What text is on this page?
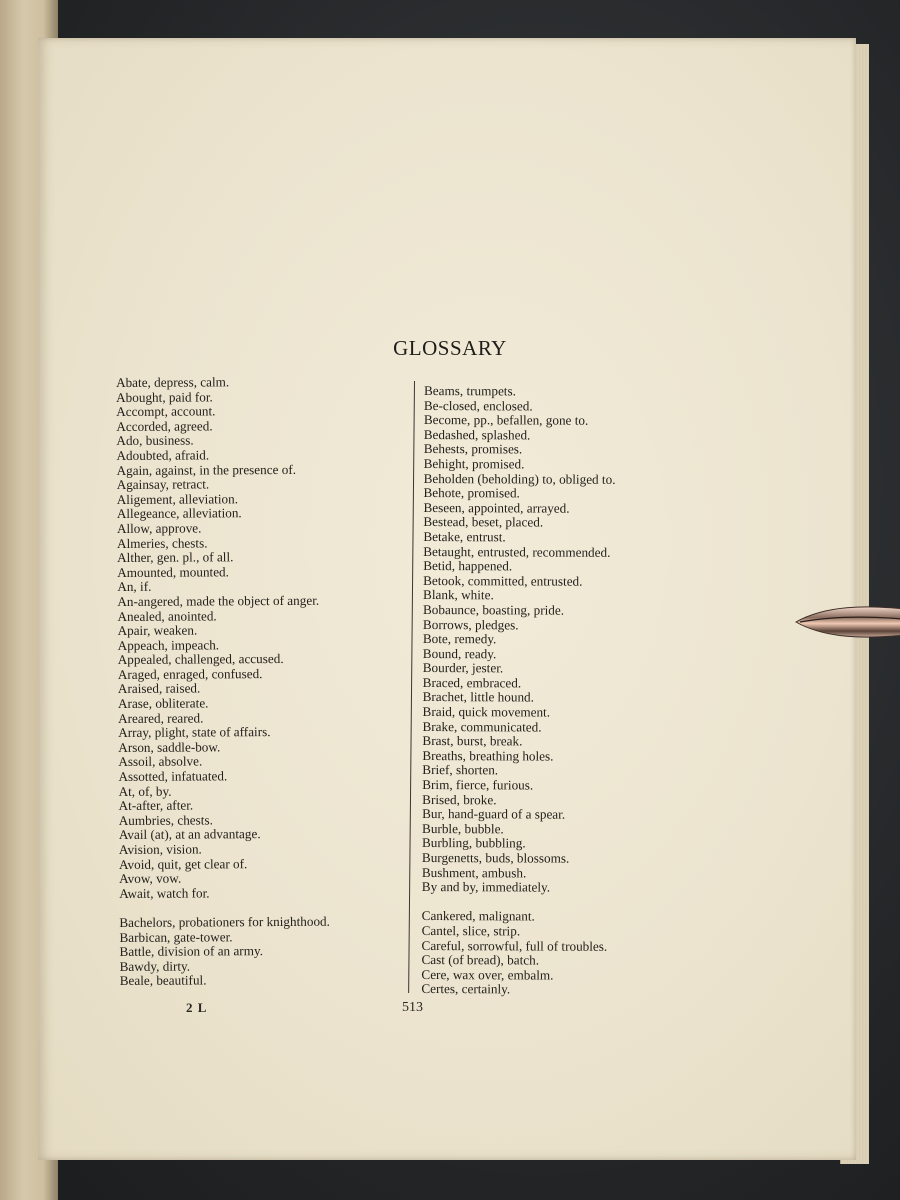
GLOSSARY
Abate, depress, calm.
Abought, paid for.
Accompt, account.
Accorded, agreed.
Ado, business.
Adoubted, afraid.
Again, against, in the presence of.
Againsay, retract.
Aligement, alleviation.
Allegeance, alleviation.
Allow, approve.
Almeries, chests.
Alther, gen. pl., of all.
Amounted, mounted.
An, if.
An-angered, made the object of anger.
Anealed, anointed.
Apair, weaken.
Appeach, impeach.
Appealed, challenged, accused.
Araged, enraged, confused.
Araised, raised.
Arase, obliterate.
Areared, reared.
Array, plight, state of affairs.
Arson, saddle-bow.
Assoil, absolve.
Assotted, infatuated.
At, of, by.
At-after, after.
Aumbries, chests.
Avail (at), at an advantage.
Avision, vision.
Avoid, quit, get clear of.
Avow, vow.
Await, watch for.
Bachelors, probationers for knighthood.
Barbican, gate-tower.
Battle, division of an army.
Bawdy, dirty.
Beale, beautiful.
Beams, trumpets.
Be-closed, enclosed.
Become, pp., befallen, gone to.
Bedashed, splashed.
Behests, promises.
Behight, promised.
Beholden (beholding) to, obliged to.
Behote, promised.
Beseen, appointed, arrayed.
Bestead, beset, placed.
Betake, entrust.
Betaught, entrusted, recommended.
Betid, happened.
Betook, committed, entrusted.
Blank, white.
Bobaunce, boasting, pride.
Borrows, pledges.
Bote, remedy.
Bound, ready.
Bourder, jester.
Braced, embraced.
Brachet, little hound.
Braid, quick movement.
Brake, communicated.
Brast, burst, break.
Breaths, breathing holes.
Brief, shorten.
Brim, fierce, furious.
Brised, broke.
Bur, hand-guard of a spear.
Burble, bubble.
Burbling, bubbling.
Burgenetts, buds, blossoms.
Bushment, ambush.
By and by, immediately.
Cankered, malignant.
Cantel, slice, strip.
Careful, sorrowful, full of troubles.
Cast (of bread), batch.
Cere, wax over, embalm.
Certes, certainly.
2 L	513
